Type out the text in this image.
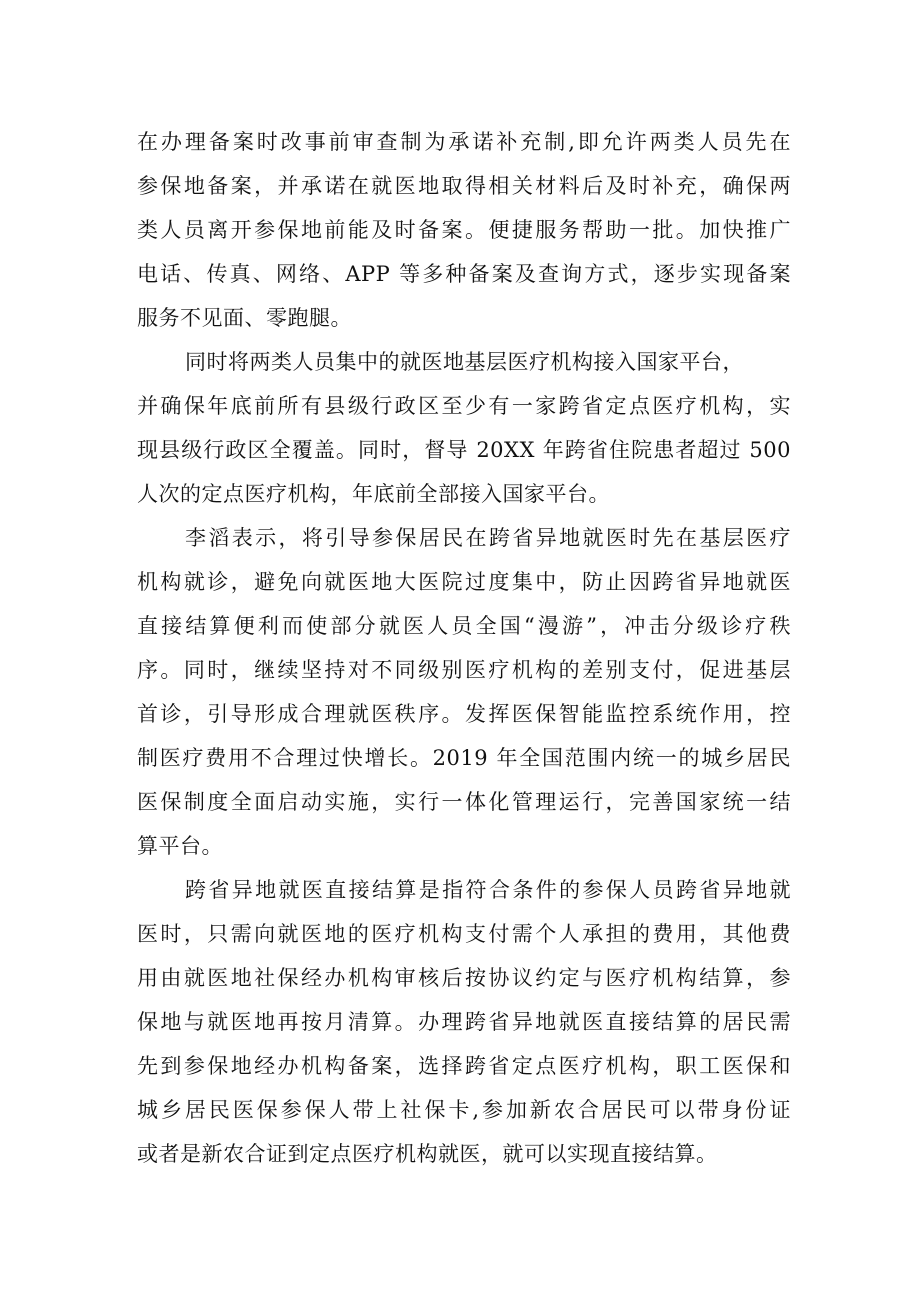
在办理备案时改事前审查制为承诺补充制,即允许两类人员先在
参保地备案，并承诺在就医地取得相关材料后及时补充，确保两
类人员离开参保地前能及时备案。便捷服务帮助一批。加快推广
电话、传真、网络、APP 等多种备案及查询方式，逐步实现备案
服务不见面、零跑腿。
同时将两类人员集中的就医地基层医疗机构接入国家平台，
并确保年底前所有县级行政区至少有一家跨省定点医疗机构，实
现县级行政区全覆盖。同时，督导 20XX 年跨省住院患者超过 500
人次的定点医疗机构，年底前全部接入国家平台。
李滔表示，将引导参保居民在跨省异地就医时先在基层医疗
机构就诊，避免向就医地大医院过度集中，防止因跨省异地就医
直接结算便利而使部分就医人员全国“漫游”，冲击分级诊疗秩
序。同时，继续坚持对不同级别医疗机构的差别支付，促进基层
首诊，引导形成合理就医秩序。发挥医保智能监控系统作用，控
制医疗费用不合理过快增长。2019 年全国范围内统一的城乡居民
医保制度全面启动实施，实行一体化管理运行，完善国家统一结
算平台。
跨省异地就医直接结算是指符合条件的参保人员跨省异地就
医时，只需向就医地的医疗机构支付需个人承担的费用，其他费
用由就医地社保经办机构审核后按协议约定与医疗机构结算，参
保地与就医地再按月清算。办理跨省异地就医直接结算的居民需
先到参保地经办机构备案，选择跨省定点医疗机构，职工医保和
城乡居民医保参保人带上社保卡,参加新农合居民可以带身份证
或者是新农合证到定点医疗机构就医，就可以实现直接结算。
